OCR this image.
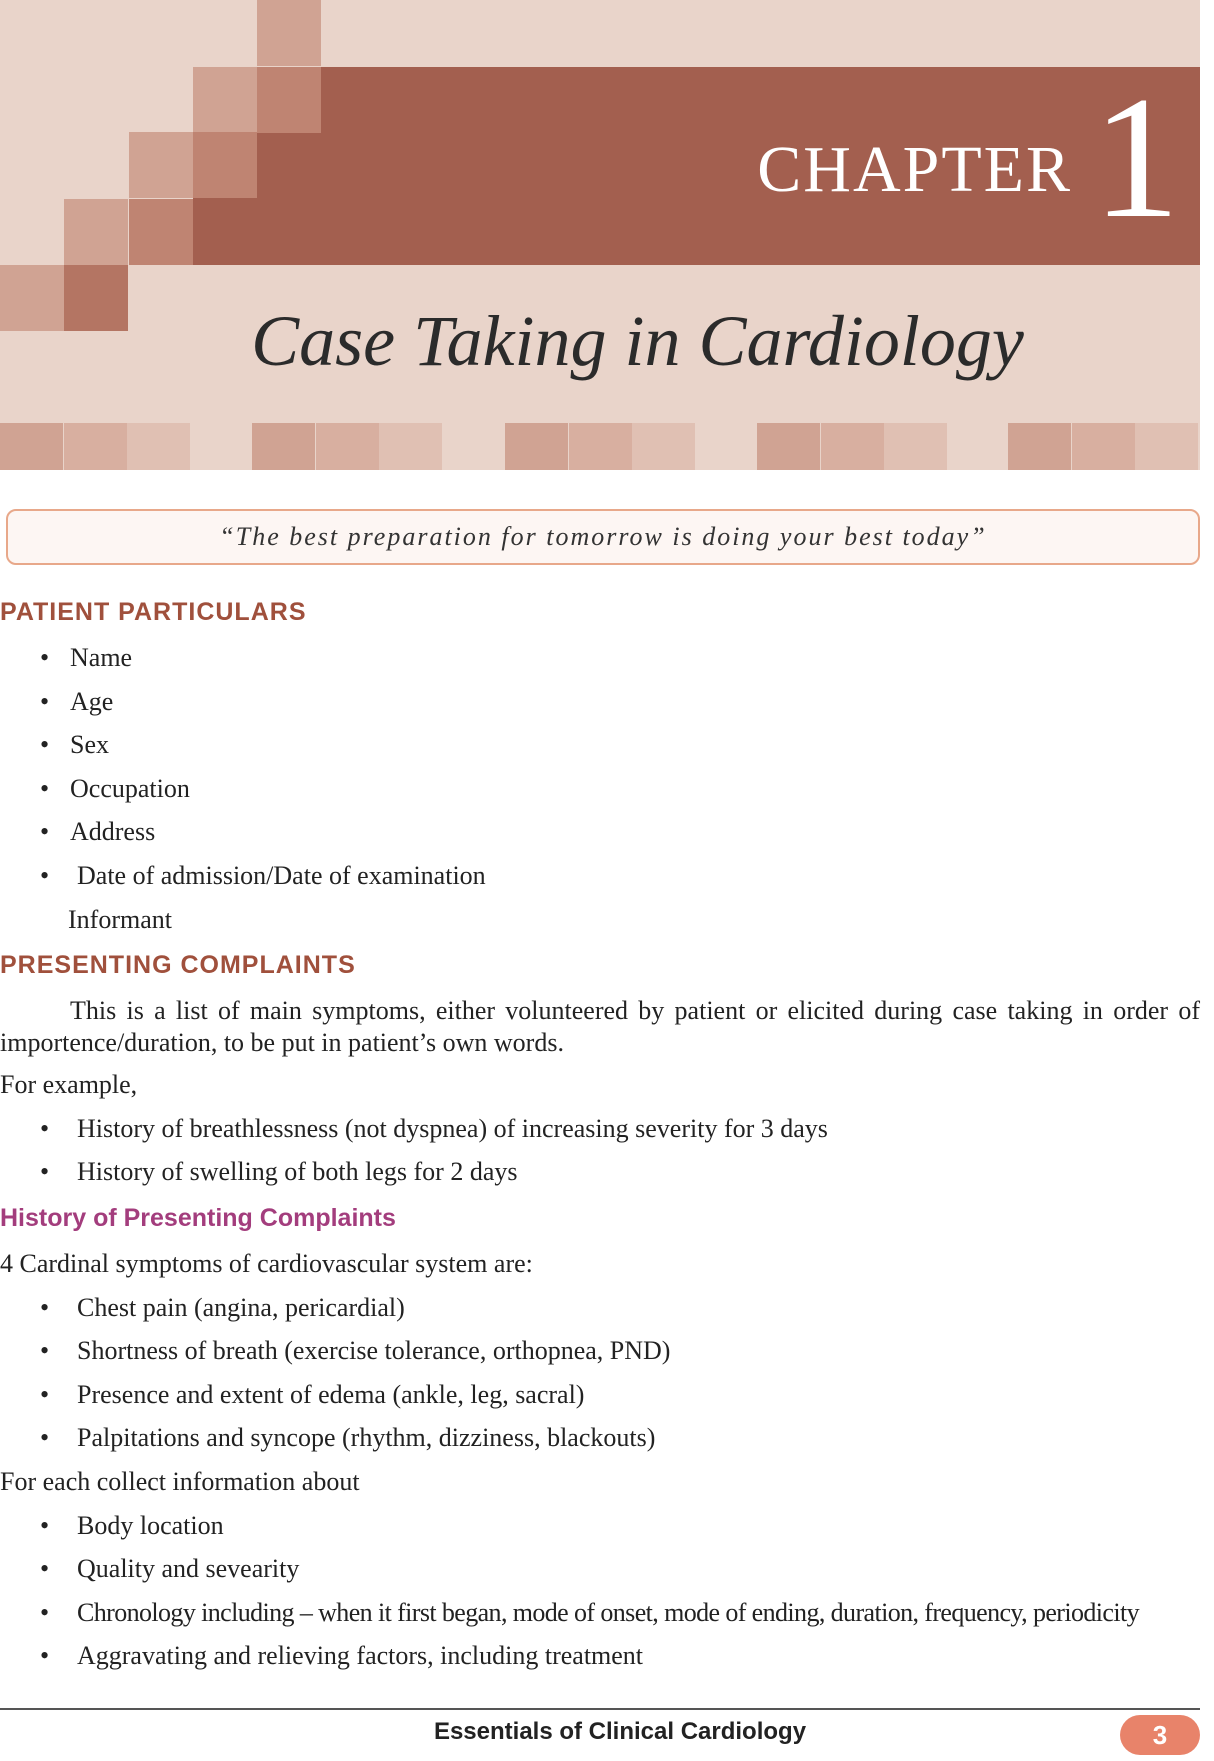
CHAPTER 1
Case Taking in Cardiology
“The best preparation for tomorrow is doing your best today”
PATIENT PARTICULARS
• Name
• Age
• Sex
• Occupation
• Address
• Date of admission/Date of examination
Informant
PRESENTING COMPLAINTS
This is a list of main symptoms, either volunteered by patient or elicited during case taking in order of importence/duration, to be put in patient’s own words.
For example,
• History of breathlessness (not dyspnea) of increasing severity for 3 days
• History of swelling of both legs for 2 days
History of Presenting Complaints
4 Cardinal symptoms of cardiovascular system are:
• Chest pain (angina, pericardial)
• Shortness of breath (exercise tolerance, orthopnea, PND)
• Presence and extent of edema (ankle, leg, sacral)
• Palpitations and syncope (rhythm, dizziness, blackouts)
For each collect information about
• Body location
• Quality and sevearity
• Chronology including – when it first began, mode of onset, mode of ending, duration, frequency, periodicity
• Aggravating and relieving factors, including treatment
Essentials of Clinical Cardiology	3
